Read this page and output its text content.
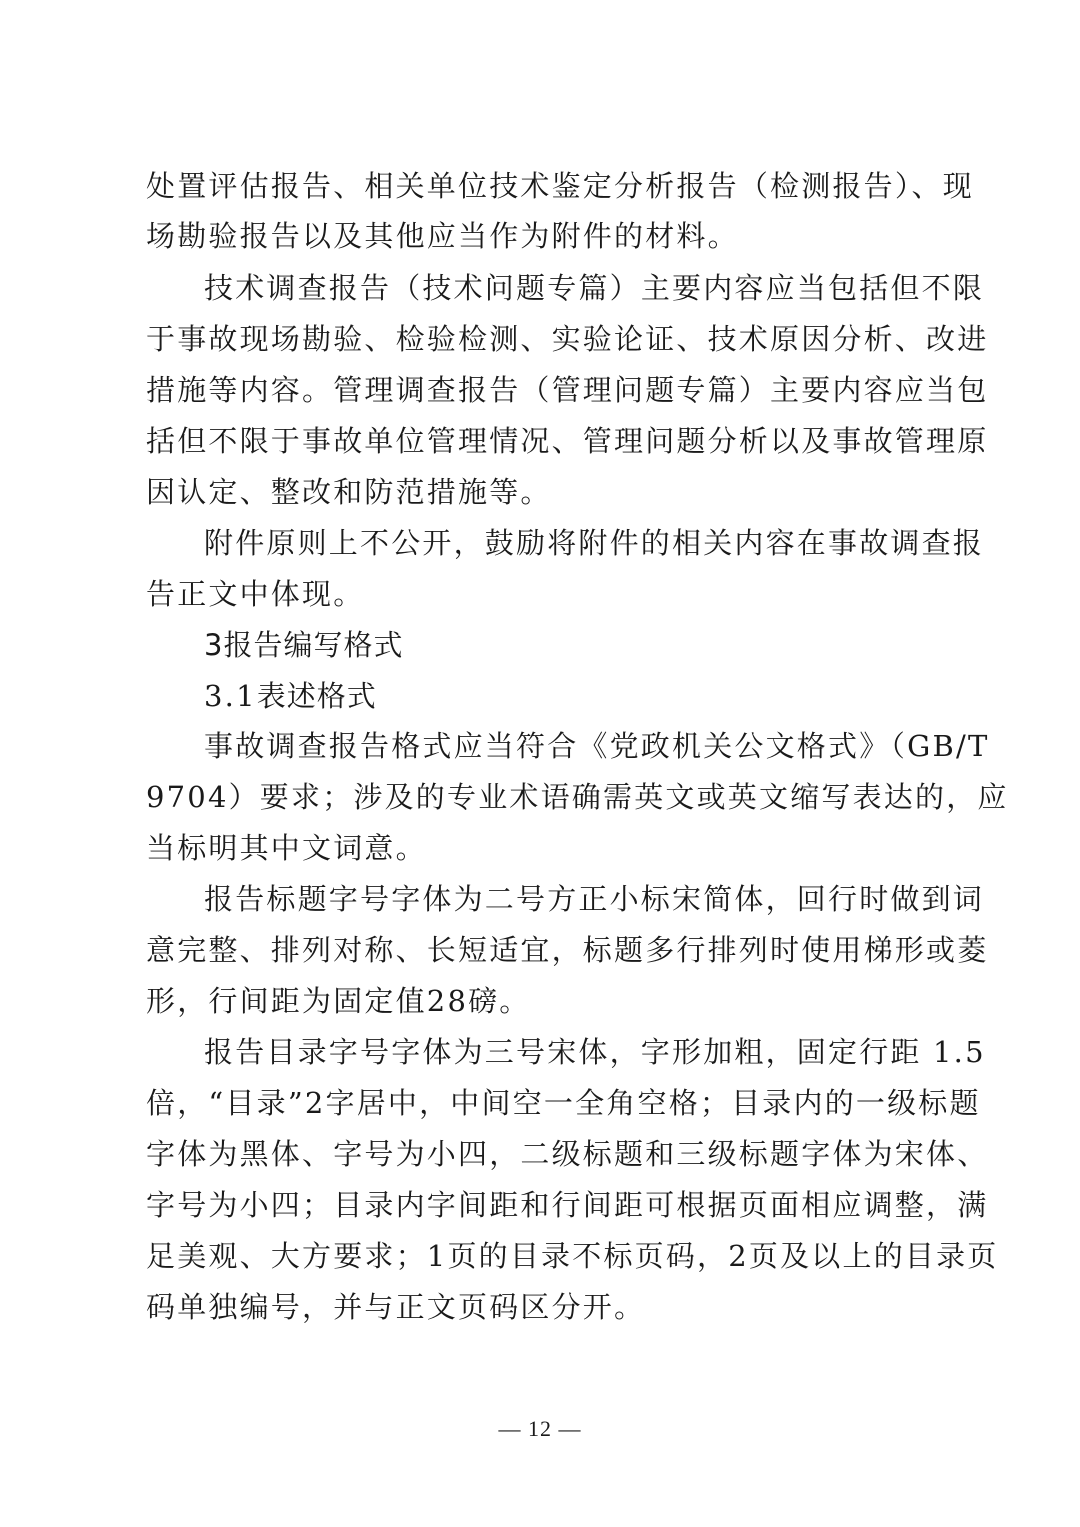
处置评估报告、相关单位技术鉴定分析报告（检测报告）、现
场勘验报告以及其他应当作为附件的材料。
技术调查报告（技术问题专篇）主要内容应当包括但不限
于事故现场勘验、检验检测、实验论证、技术原因分析、改进
措施等内容。管理调查报告（管理问题专篇）主要内容应当包
括但不限于事故单位管理情况、管理问题分析以及事故管理原
因认定、整改和防范措施等。
附件原则上不公开，鼓励将附件的相关内容在事故调查报
告正文中体现。
3报告编写格式
3.1表述格式
事故调查报告格式应当符合《党政机关公文格式》（GB/T
9704）要求；涉及的专业术语确需英文或英文缩写表达的，应
当标明其中文词意。
报告标题字号字体为二号方正小标宋简体，回行时做到词
意完整、排列对称、长短适宜，标题多行排列时使用梯形或菱
形，行间距为固定值28磅。
报告目录字号字体为三号宋体，字形加粗，固定行距 1.5
倍，“目录”2字居中，中间空一全角空格；目录内的一级标题
字体为黑体、字号为小四，二级标题和三级标题字体为宋体、
字号为小四；目录内字间距和行间距可根据页面相应调整，满
足美观、大方要求；1页的目录不标页码，2页及以上的目录页
码单独编号，并与正文页码区分开。
— 12 —
